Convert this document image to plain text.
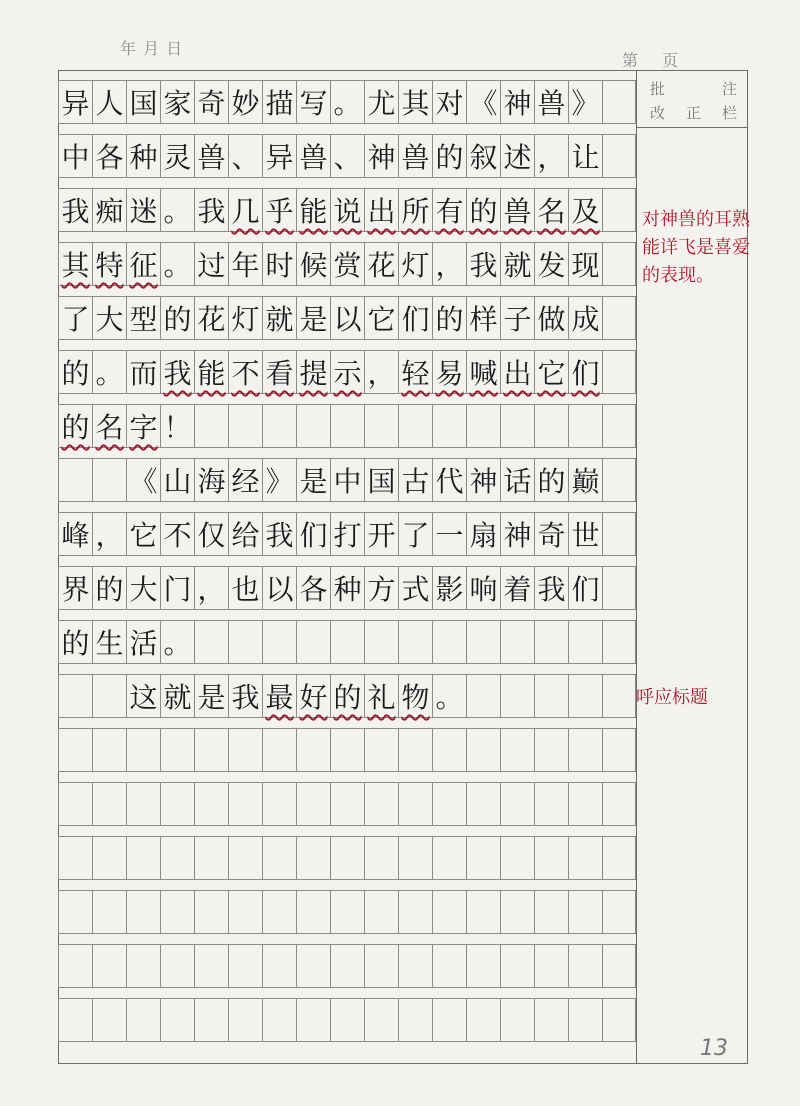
年 月 日
第　 页
批	注
改 正 栏
异 人 国 家 奇 妙 描 写 。 尤 其 对 《 神 兽 》
中 各 种 灵 兽 、 异 兽 、 神 兽 的 叙 述 ， 让
我 痴 迷 。 我 几 乎 能 说 出 所 有 的 兽 名 及
其 特 征 。 过 年 时 候 赏 花 灯 ， 我 就 发 现
了 大 型 的 花 灯 就 是 以 它 们 的 样 子 做 成
的 。 而 我 能 不 看 提 示 ， 轻 易 喊 出 它 们
的 名 字 ！
《 山 海 经 》 是 中 国 古 代 神 话 的 巅
峰 ， 它 不 仅 给 我 们 打 开 了 一 扇 神 奇 世
界 的 大 门 ， 也 以 各 种 方 式 影 响 着 我 们
的 生 活 。
这 就 是 我 最 好 的 礼 物 。
对神兽的耳熟能详飞是喜爱的表现。
呼应标题
13
